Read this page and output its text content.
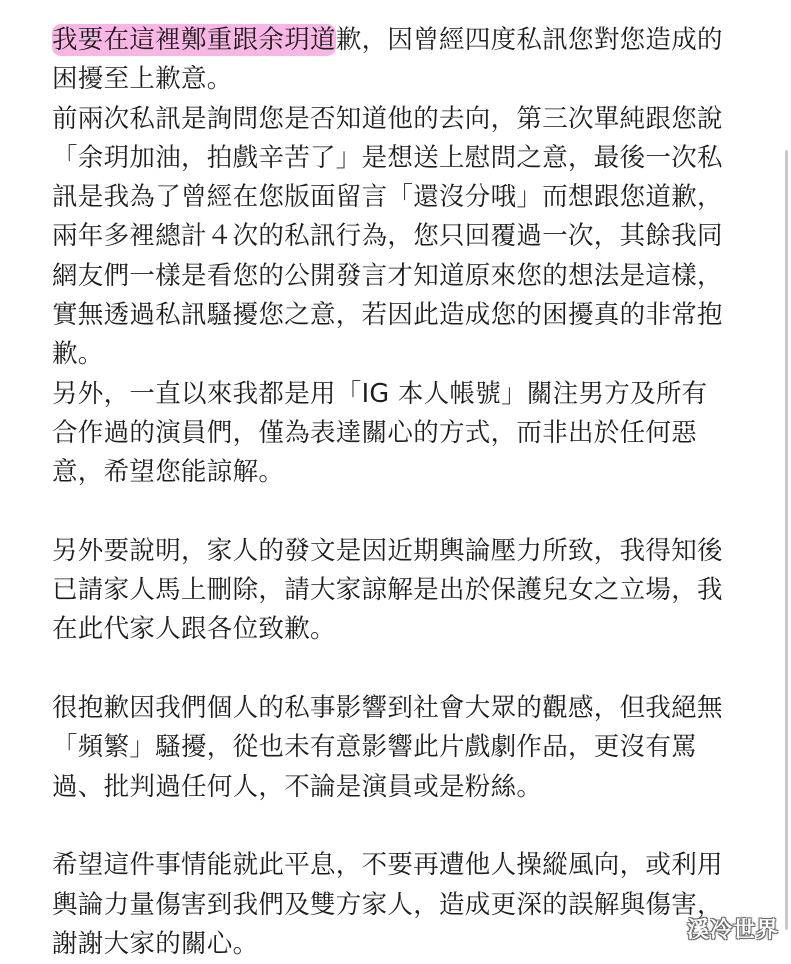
我要在這裡鄭重跟余玥道歉，因曾經四度私訊您對您造成的
困擾至上歉意。
前兩次私訊是詢問您是否知道他的去向，第三次單純跟您說
「余玥加油，拍戲辛苦了」是想送上慰問之意，最後一次私
訊是我為了曾經在您版面留言「還沒分哦」而想跟您道歉，
兩年多裡總計４次的私訊行為，您只回覆過一次，其餘我同
網友們一樣是看您的公開發言才知道原來您的想法是這樣，
實無透過私訊騷擾您之意，若因此造成您的困擾真的非常抱
歉。
另外，一直以來我都是用「IG 本人帳號」關注男方及所有
合作過的演員們，僅為表達關心的方式，而非出於任何惡
意，希望您能諒解。
另外要說明，家人的發文是因近期輿論壓力所致，我得知後
已請家人馬上刪除，請大家諒解是出於保護兒女之立場，我
在此代家人跟各位致歉。
很抱歉因我們個人的私事影響到社會大眾的觀感，但我絕無
「頻繁」騷擾，從也未有意影響此片戲劇作品，更沒有罵
過、批判過任何人，不論是演員或是粉絲。
希望這件事情能就此平息，不要再遭他人操縱風向，或利用
輿論力量傷害到我們及雙方家人，造成更深的誤解與傷害，
謝謝大家的關心。	溪冷世界
